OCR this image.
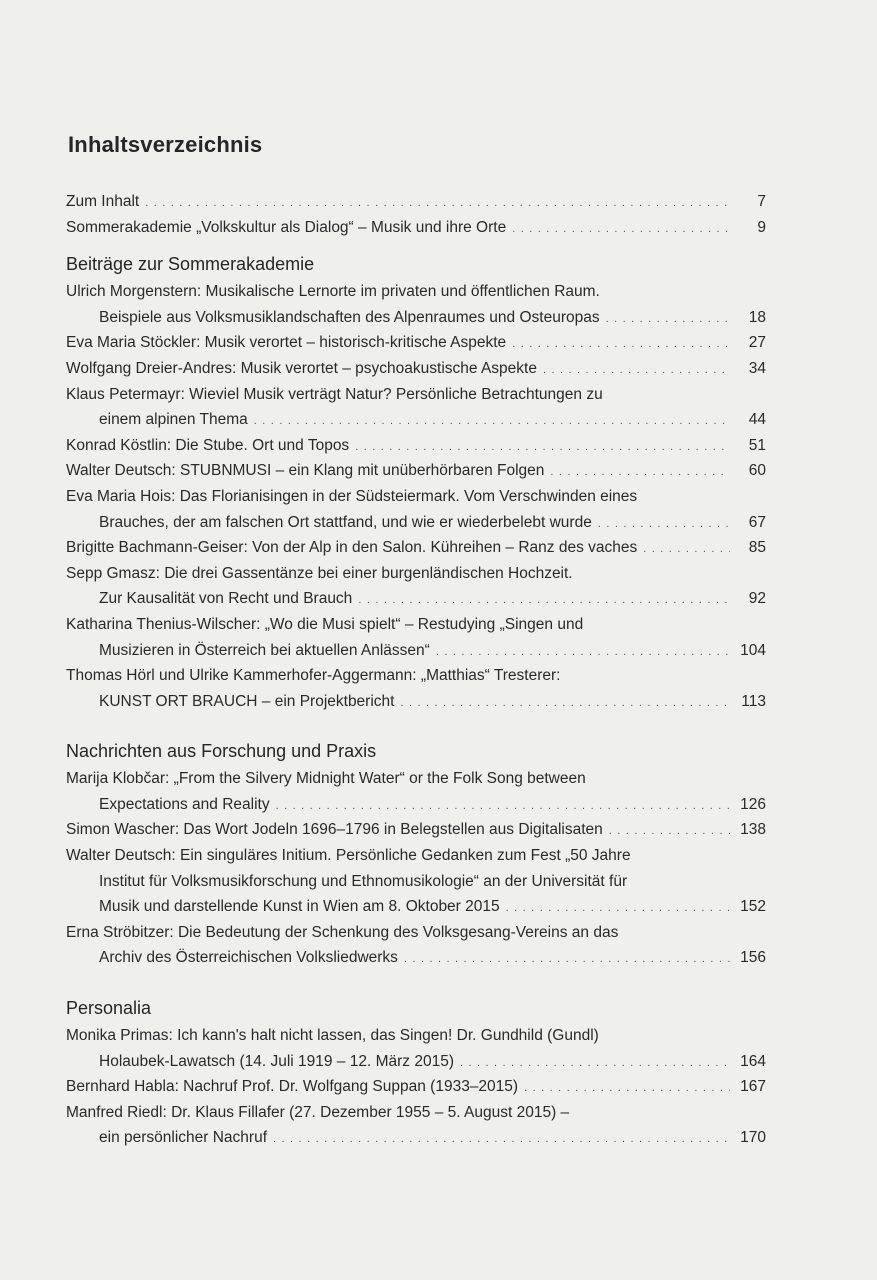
Inhaltsverzeichnis
Zum Inhalt . . .	7
Sommerakademie „Volkskultur als Dialog“ – Musik und ihre Orte . . .	9
Beiträge zur Sommerakademie
Ulrich Morgenstern: Musikalische Lernorte im privaten und öffentlichen Raum.
Beispiele aus Volksmusiklandschaften des Alpenraumes und Osteuropas . . .	18
Eva Maria Stöckler: Musik verortet – historisch-kritische Aspekte . . .	27
Wolfgang Dreier-Andres: Musik verortet – psychoakustische Aspekte . . .	34
Klaus Petermayr: Wieviel Musik verträgt Natur? Persönliche Betrachtungen zu
einem alpinen Thema . . .	44
Konrad Köstlin: Die Stube. Ort und Topos . . .	51
Walter Deutsch: STUBNMUSI – ein Klang mit unüberhörbaren Folgen . . .	60
Eva Maria Hois: Das Florianisingen in der Südsteiermark. Vom Verschwinden eines
Brauches, der am falschen Ort stattfand, und wie er wiederbelebt wurde . . .	67
Brigitte Bachmann-Geiser: Von der Alp in den Salon. Kühreihen – Ranz des vaches . . .	85
Sepp Gmasz: Die drei Gassentänze bei einer burgenländischen Hochzeit.
Zur Kausalität von Recht und Brauch . . .	92
Katharina Thenius-Wilscher: „Wo die Musi spielt“ – Restudying „Singen und
Musizieren in Österreich bei aktuellen Anlässen“ . . .	104
Thomas Hörl und Ulrike Kammerhofer-Aggermann: „Matthias“ Tresterer:
KUNST ORT BRAUCH – ein Projektbericht . . .	113
Nachrichten aus Forschung und Praxis
Marija Klobčar: „From the Silvery Midnight Water“ or the Folk Song between
Expectations and Reality . . .	126
Simon Wascher: Das Wort Jodeln 1696–1796 in Belegstellen aus Digitalisaten . . .	138
Walter Deutsch: Ein singuläres Initium. Persönliche Gedanken zum Fest „50 Jahre
Institut für Volksmusikforschung und Ethnomusikologie“ an der Universität für
Musik und darstellende Kunst in Wien am 8. Oktober 2015 . . .	152
Erna Ströbitzer: Die Bedeutung der Schenkung des Volksgesang-Vereins an das
Archiv des Österreichischen Volksliedwerks . . .	156
Personalia
Monika Primas: Ich kann's halt nicht lassen, das Singen! Dr. Gundhild (Gundl)
Holaubek-Lawatsch (14. Juli 1919 – 12. März 2015) . . .	164
Bernhard Habla: Nachruf Prof. Dr. Wolfgang Suppan (1933–2015) . . .	167
Manfred Riedl: Dr. Klaus Fillafer (27. Dezember 1955 – 5. August 2015) –
ein persönlicher Nachruf . . .	170
